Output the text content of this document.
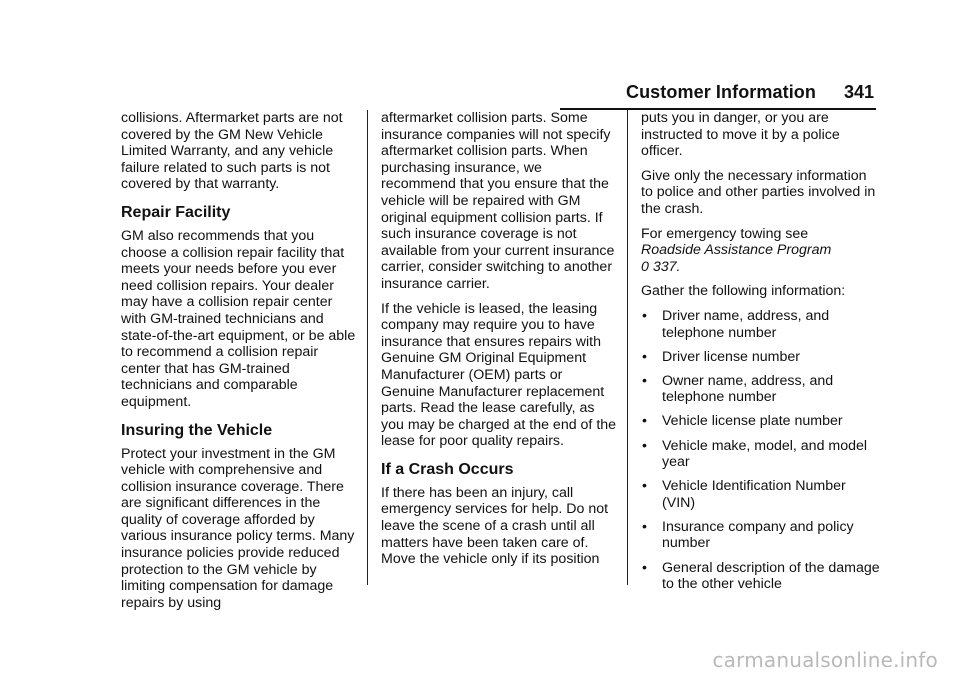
Customer Information 341

collisions. Aftermarket parts are not covered by the GM New Vehicle Limited Warranty, and any vehicle failure related to such parts is not covered by that warranty.

Repair Facility

GM also recommends that you choose a collision repair facility that meets your needs before you ever need collision repairs. Your dealer may have a collision repair center with GM-trained technicians and state-of-the-art equipment, or be able to recommend a collision repair center that has GM-trained technicians and comparable equipment.

Insuring the Vehicle

Protect your investment in the GM vehicle with comprehensive and collision insurance coverage. There are significant differences in the quality of coverage afforded by various insurance policy terms. Many insurance policies provide reduced protection to the GM vehicle by limiting compensation for damage repairs by using

aftermarket collision parts. Some insurance companies will not specify aftermarket collision parts. When purchasing insurance, we recommend that you ensure that the vehicle will be repaired with GM original equipment collision parts. If such insurance coverage is not available from your current insurance carrier, consider switching to another insurance carrier.

If the vehicle is leased, the leasing company may require you to have insurance that ensures repairs with Genuine GM Original Equipment Manufacturer (OEM) parts or Genuine Manufacturer replacement parts. Read the lease carefully, as you may be charged at the end of the lease for poor quality repairs.

If a Crash Occurs

If there has been an injury, call emergency services for help. Do not leave the scene of a crash until all matters have been taken care of. Move the vehicle only if its position

puts you in danger, or you are instructed to move it by a police officer.

Give only the necessary information to police and other parties involved in the crash.

For emergency towing see
Roadside Assistance Program
0 337.

Gather the following information:

• Driver name, address, and telephone number
• Driver license number
• Owner name, address, and telephone number
• Vehicle license plate number
• Vehicle make, model, and model year
• Vehicle Identification Number (VIN)
• Insurance company and policy number
• General description of the damage to the other vehicle
carmanualsonline.info
